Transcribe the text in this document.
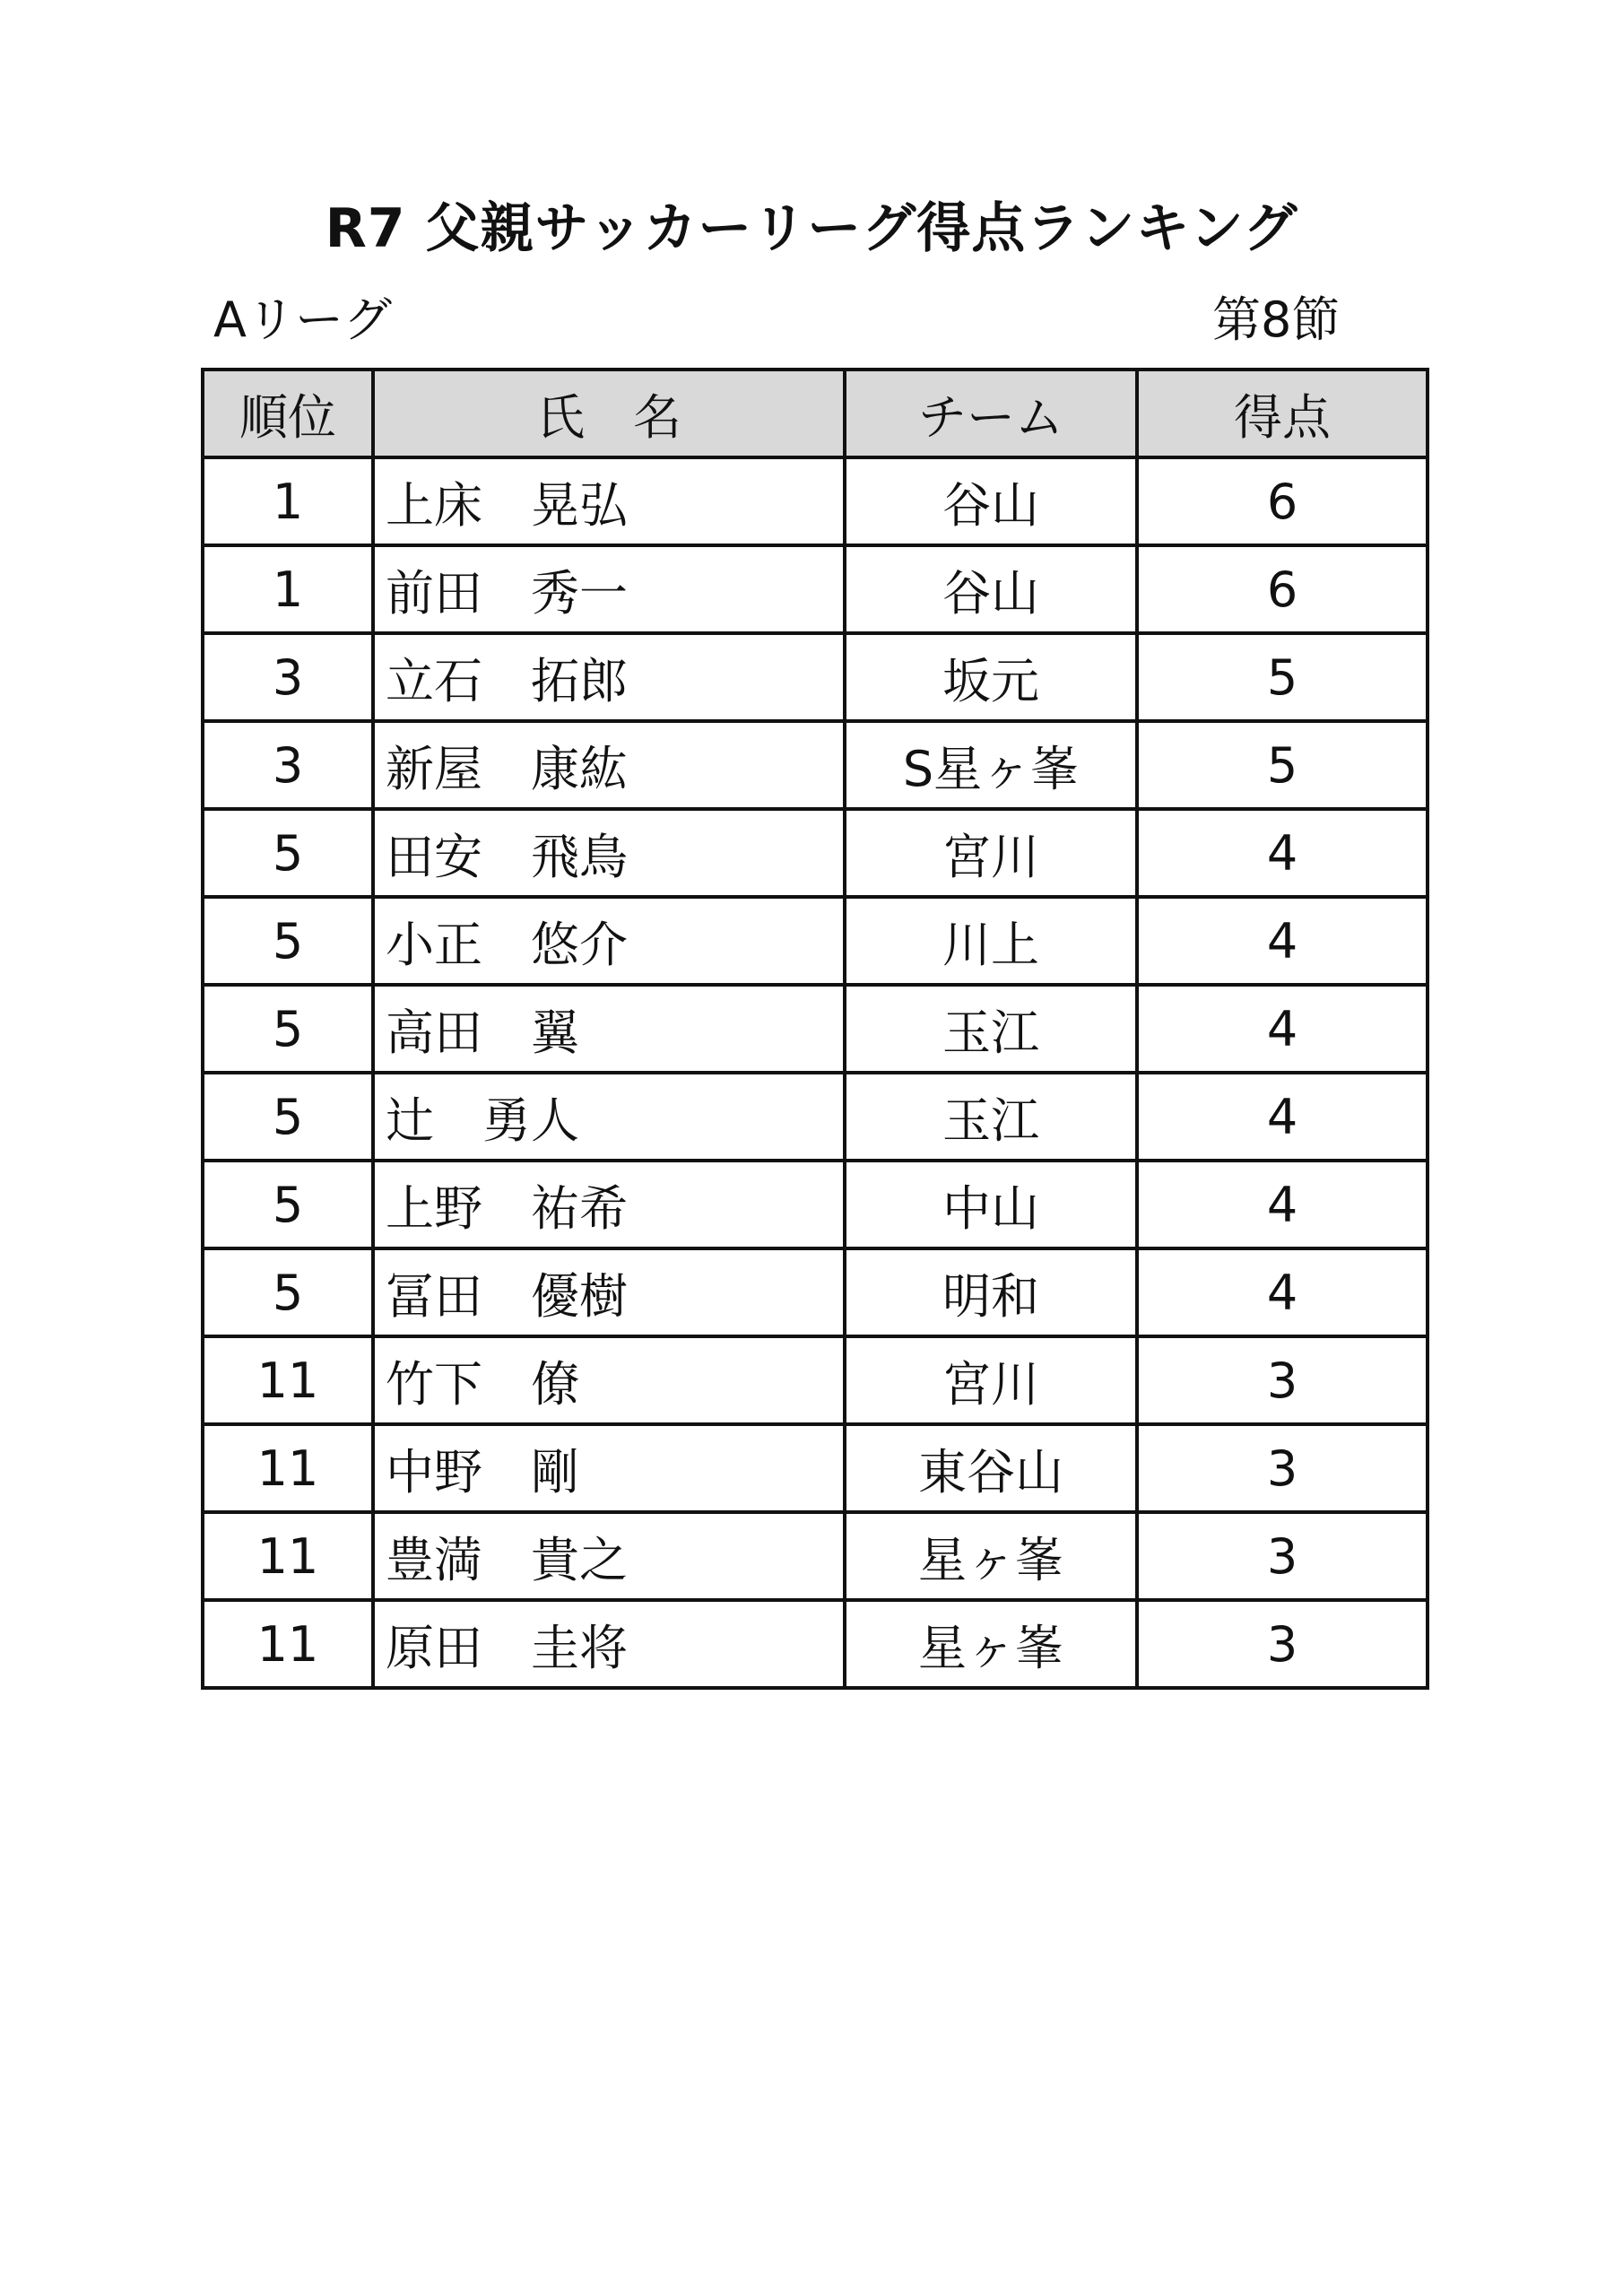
R7 父親サッカーリーグ得点ランキング
Aリーグ	第8節
順位	氏　名	チーム	得点
1	上床　晃弘	谷山	6
1	前田　秀一	谷山	6
3	立石　拓郎	坂元	5
3	新屋　康紘	S星ヶ峯	5
5	田安　飛鳥	宮川	4
5	小正　悠介	川上	4
5	高田　翼	玉江	4
5	辻　勇人	玉江	4
5	上野　祐希	中山	4
5	冨田　優樹	明和	4
11	竹下　僚	宮川	3
11	中野　剛	東谷山	3
11	豊満　貴之	星ヶ峯	3
11	原田　圭将	星ヶ峯	3
